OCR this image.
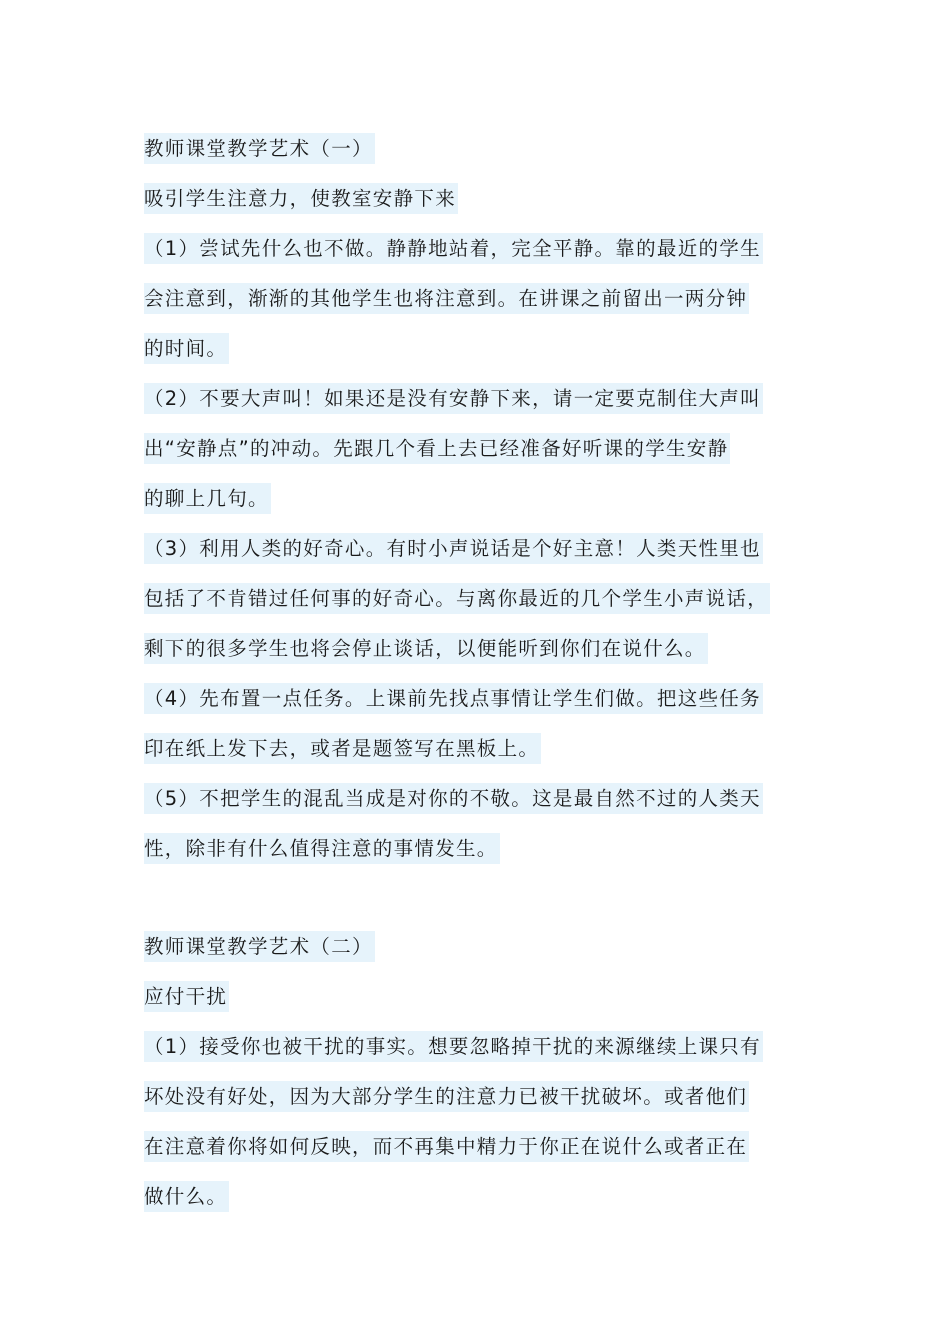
教师课堂教学艺术（一）
吸引学生注意力，使教室安静下来
（1）尝试先什么也不做。静静地站着，完全平静。靠的最近的学生
会注意到，渐渐的其他学生也将注意到。在讲课之前留出一两分钟
的时间。
（2）不要大声叫！如果还是没有安静下来，请一定要克制住大声叫
出“安静点”的冲动。先跟几个看上去已经准备好听课的学生安静
的聊上几句。
（3）利用人类的好奇心。有时小声说话是个好主意！人类天性里也
包括了不肯错过任何事的好奇心。与离你最近的几个学生小声说话，
剩下的很多学生也将会停止谈话，以便能听到你们在说什么。
（4）先布置一点任务。上课前先找点事情让学生们做。把这些任务
印在纸上发下去，或者是题签写在黑板上。
（5）不把学生的混乱当成是对你的不敬。这是最自然不过的人类天
性，除非有什么值得注意的事情发生。
教师课堂教学艺术（二）
应付干扰
（1）接受你也被干扰的事实。想要忽略掉干扰的来源继续上课只有
坏处没有好处，因为大部分学生的注意力已被干扰破坏。或者他们
在注意着你将如何反映，而不再集中精力于你正在说什么或者正在
做什么。
